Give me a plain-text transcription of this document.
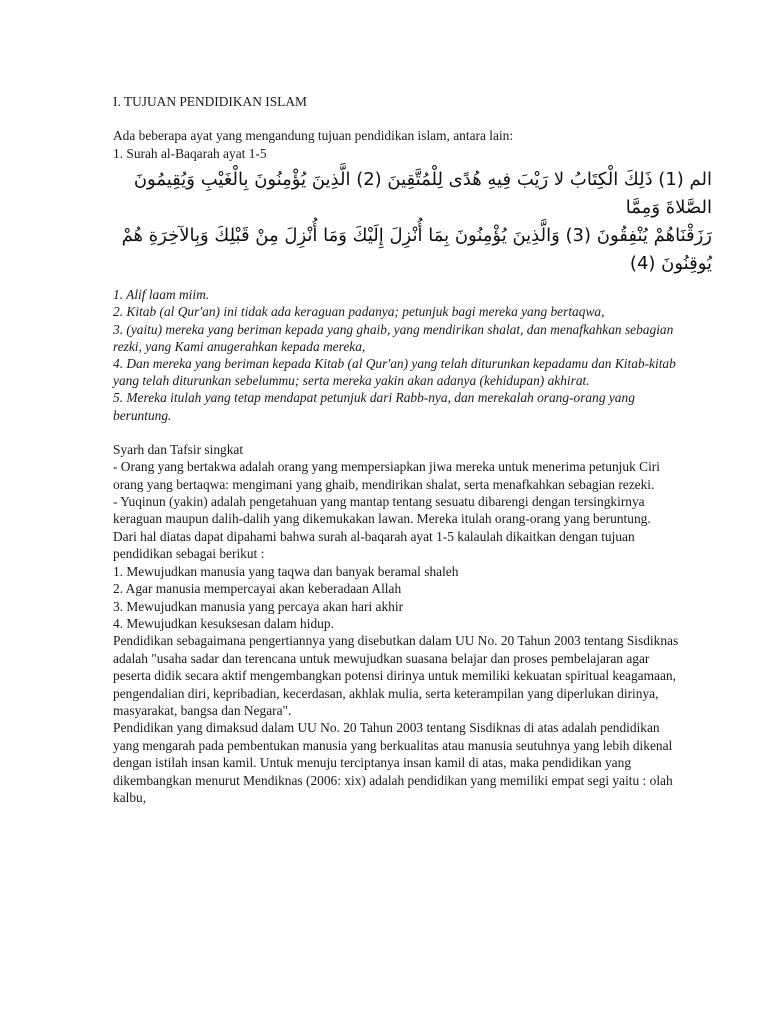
I. TUJUAN PENDIDIKAN ISLAM

Ada beberapa ayat yang mengandung tujuan pendidikan islam, antara lain:

1. Surah al-Baqarah ayat 1-5

الم (1) ذَلِكَ الْكِتَابُ لا رَيْبَ فِيهِ هُدًى لِلْمُتَّقِينَ (2) الَّذِينَ يُؤْمِنُونَ بِالْغَيْبِ وَيُقِيمُونَ الصَّلاةَ وَمِمَّا

رَزَقْنَاهُمْ يُنْفِقُونَ (3) وَالَّذِينَ يُؤْمِنُونَ بِمَا أُنْزِلَ إِلَيْكَ وَمَا أُنْزِلَ مِنْ قَبْلِكَ وَبِالآخِرَةِ هُمْ يُوقِنُونَ (4)

1. Alif laam miim.

2. Kitab (al Qur'an) ini tidak ada keraguan padanya; petunjuk bagi mereka yang bertaqwa,

3. (yaitu) mereka yang beriman kepada yang ghaib, yang mendirikan shalat, dan menafkahkan sebagian rezki, yang Kami anugerahkan kepada mereka,

4. Dan mereka yang beriman kepada Kitab (al Qur'an) yang telah diturunkan kepadamu dan Kitab-kitab yang telah diturunkan sebelummu; serta mereka yakin akan adanya (kehidupan) akhirat.

5. Mereka itulah yang tetap mendapat petunjuk dari Rabb-nya, dan merekalah orang-orang yang beruntung.

Syarh dan Tafsir singkat

- Orang yang bertakwa adalah orang yang mempersiapkan jiwa mereka untuk menerima petunjuk Ciri orang yang bertaqwa: mengimani yang ghaib, mendirikan shalat, serta menafkahkan sebagian rezeki.

- Yuqinun (yakin) adalah pengetahuan yang mantap tentang sesuatu dibarengi dengan tersingkirnya keraguan maupun dalih-dalih yang dikemukakan lawan. Mereka itulah orang-orang yang beruntung.

Dari hal diatas dapat dipahami bahwa surah al-baqarah ayat 1-5 kalaulah dikaitkan dengan tujuan pendidikan sebagai berikut :

1. Mewujudkan manusia yang taqwa dan banyak beramal shaleh

2. Agar manusia mempercayai akan keberadaan Allah

3. Mewujudkan manusia yang percaya akan hari akhir

4. Mewujudkan kesuksesan dalam hidup.

Pendidikan sebagaimana pengertiannya yang disebutkan dalam UU No. 20 Tahun 2003 tentang Sisdiknas adalah "usaha sadar dan terencana untuk mewujudkan suasana belajar dan proses pembelajaran agar peserta didik secara aktif mengembangkan potensi dirinya untuk memiliki kekuatan spiritual keagamaan, pengendalian diri, kepribadian, kecerdasan, akhlak mulia, serta keterampilan yang diperlukan dirinya, masyarakat, bangsa dan Negara".

Pendidikan yang dimaksud dalam UU No. 20 Tahun 2003 tentang Sisdiknas di atas adalah pendidikan yang mengarah pada pembentukan manusia yang berkualitas atau manusia seutuhnya yang lebih dikenal dengan istilah insan kamil. Untuk menuju terciptanya insan kamil di atas, maka pendidikan yang dikembangkan menurut Mendiknas (2006: xix) adalah pendidikan yang memiliki empat segi yaitu : olah kalbu,
